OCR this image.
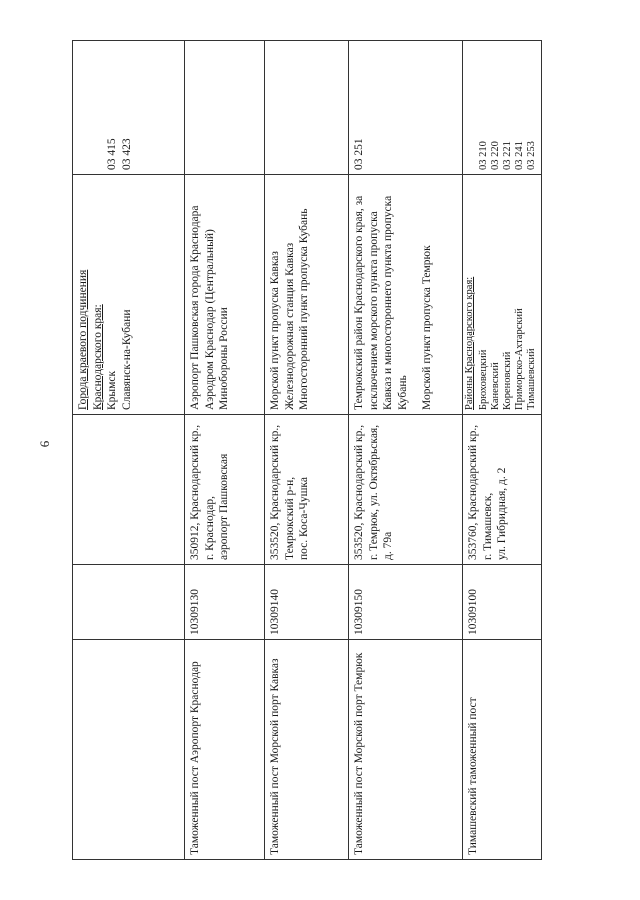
6
Города краевого подчинения Краснодарского края: Крымск Славянск-на-Кубани
03 415 03 423
Таможенный пост Аэропорт Краснодар
10309130
350912, Краснодарский кр., г. Краснодар, аэропорт Пашковская
Аэропорт Пашковская города Краснодара Аэродром Краснодар (Центральный) Минобороны России
Таможенный пост Морской порт Кавказ
10309140
353520, Краснодарский кр., Темрюкский р-н, пос. Коса-Чушка
Морской пункт пропуска Кавказ Железнодорожная станция Кавказ Многосторонний пункт пропуска Кубань
Таможенный пост Морской порт Темрюк
10309150
353520, Краснодарский кр., г. Темрюк, ул. Октябрьская, д. 79а
Темрюкский район Краснодарского края, за исключением морского пункта пропуска Кавказ и многостороннего пункта пропуска Кубань Морской пункт пропуска Темрюк
03 251
Тимашевский таможенный пост
10309100
353760, Краснодарский кр., г. Тимашевск, ул. Гибридная, д. 2
Районы Краснодарского края: Брюховецкий Каневский Кореновский Приморско-Ахтарский Тимашевский
03 210 03 220 03 221 03 241 03 253
